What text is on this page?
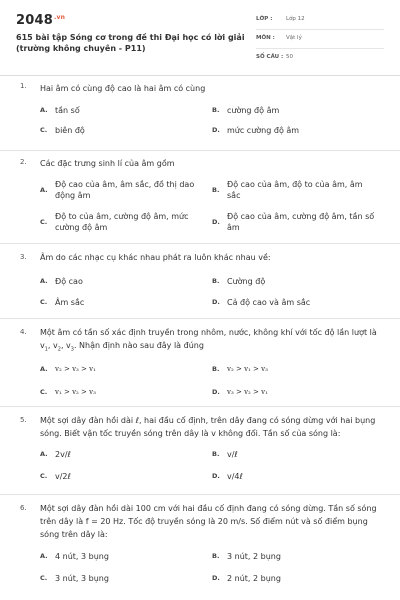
$2048^{.vn}$
615 bài tập Sóng cơ trong đề thi Đại học có lời giải (trường không chuyên - P11)
LỚP : Lớp 12
MÔN : Vật lý
SỐ CÂU : 50
1. Hai âm có cùng độ cao là hai âm có cùng
A. tần số	B. cường độ âm
C. biên độ	D. mức cường độ âm
2. Các đặc trưng sinh lí của âm gồm
A.
Độ cao của âm, âm sắc, đồ thị dao động âm
B.
Độ cao của âm, độ to của âm, âm sắc
C.
Độ to của âm, cường độ âm, mức cường độ âm
D.
Độ cao của âm, cường độ âm, tần số âm
3. Âm do các nhạc cụ khác nhau phát ra luôn khác nhau về:
A. Độ cao	B. Cường độ
C. Âm sắc	D. Cả độ cao và âm sắc
4. Một âm có tần số xác định truyền trong nhôm, nước, không khí với tốc độ lần lượt là $v_1$, $v_2$, $v_3$. Nhận định nào sau đây là đúng
A. v₂ > v₃ > v₁	B. v₂ > v₁ > v₃
C. v₁ > v₂ > v₃	D. v₃ > v₂ > v₁
5. Một sợi dây đàn hồi dài ℓ, hai đầu cố định, trên dây đang có sóng dừng với hai bụng sóng. Biết vận tốc truyền sóng trên dây là v không đổi. Tần số của sóng là:
A. 2v/ℓ	B. v/ℓ
C. v/2ℓ	D. v/4ℓ
6. Một sợi dây đàn hồi dài 100 cm với hai đầu cố định đang có sóng dừng. Tần số sóng trên dây là f = 20 Hz. Tốc độ truyền sóng là 20 m/s. Số điểm nút và số điểm bụng sóng trên dây là:
A. 4 nút, 3 bụng	B. 3 nút, 2 bụng
C. 3 nút, 3 bụng	D. 2 nút, 2 bụng
